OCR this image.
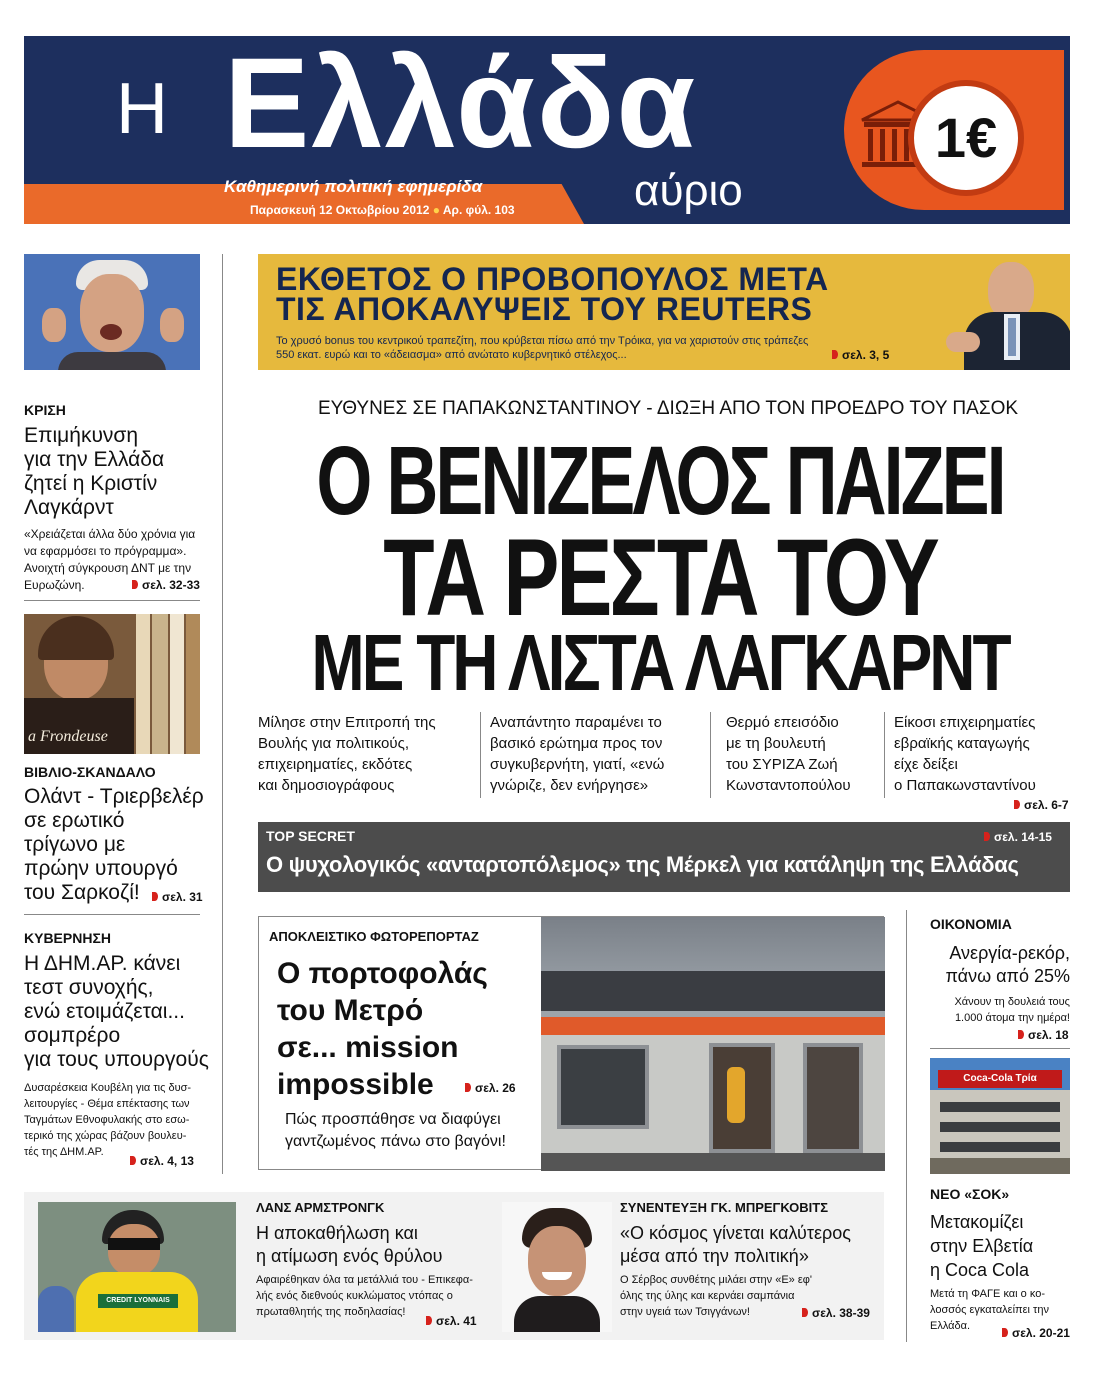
1€
Η Ελλάδα
αύριο
Καθημερινή πολιτική εφημερίδα
Παρασκευή 12 Οκτωβρίου 2012 ● Αρ. φύλ. 103
ΕΚΘΕΤΟΣ Ο ΠΡΟΒΟΠΟΥΛΟΣ ΜΕΤΑ
ΤΙΣ ΑΠΟΚΑΛΥΨΕΙΣ ΤΟΥ REUTERS
Το χρυσό bonus του κεντρικού τραπεζίτη, που κρύβεται πίσω από την Τρόικα, για να χαριστούν στις τράπεζες
550 εκατ. ευρώ και το «άδειασμα» από ανώτατο κυβερνητικό στέλεχος...	σελ. 3, 5
ΚΡΙΣΗ
Επιμήκυνση
για την Ελλάδα
ζητεί η Κριστίν
Λαγκάρντ
«Χρειάζεται άλλα δύο χρόνια για
να εφαρμόσει το πρόγραμμα».
Ανοιχτή σύγκρουση ΔΝΤ με την
Ευρωζώνη.	σελ. 32-33
a Frondeuse
ΒΙΒΛΙΟ-ΣΚΑΝΔΑΛΟ
Ολάντ - Τριερβελέρ
σε ερωτικό
τρίγωνο με
πρώην υπουργό
του Σαρκοζί!	σελ. 31
ΚΥΒΕΡΝΗΣΗ
Η ΔΗΜ.ΑΡ. κάνει
τεστ συνοχής,
ενώ ετοιμάζεται...
σομπρέρο
για τους υπουργούς
Δυσαρέσκεια Κουβέλη για τις δυσ-
λειτουργίες - Θέμα επέκτασης των
Ταγμάτων Εθνοφυλακής στο εσω-
τερικό της χώρας βάζουν βουλευ-
τές της ΔΗΜ.ΑΡ.
σελ. 4, 13
ΕΥΘΥΝΕΣ ΣΕ ΠΑΠΑΚΩΝΣΤΑΝΤΙΝΟΥ - ΔΙΩΞΗ ΑΠΟ ΤΟΝ ΠΡΟΕΔΡΟ ΤΟΥ ΠΑΣΟΚ
Ο ΒΕΝΙΖΕΛΟΣ ΠΑΙΖΕΙ
ΤΑ ΡΕΣΤΑ ΤΟΥ
ΜΕ ΤΗ ΛΙΣΤΑ ΛΑΓΚΑΡΝΤ
Μίλησε στην Επιτροπή της
Βουλής για πολιτικούς,
επιχειρηματίες, εκδότες
και δημοσιογράφους
Αναπάντητο παραμένει το
βασικό ερώτημα προς τον
συγκυβερνήτη, γιατί, «ενώ
γνώριζε, δεν ενήργησε»
Θερμό επεισόδιο
με τη βουλευτή
του ΣΥΡΙΖΑ Ζωή
Κωνσταντοπούλου
Είκοσι επιχειρηματίες
εβραϊκής καταγωγής
είχε δείξει
ο Παπακωνσταντίνου
σελ. 6-7
TOP SECRET	σελ. 14-15
Ο ψυχολογικός «ανταρτοπόλεμος» της Μέρκελ για κατάληψη της Ελλάδας
ΑΠΟΚΛΕΙΣΤΙΚΟ ΦΩΤΟΡΕΠΟΡΤΑΖ
Ο πορτοφολάς
του Μετρό
σε... mission
impossible	σελ. 26
Πώς προσπάθησε να διαφύγει
γαντζωμένος πάνω στο βαγόνι!
ΟΙΚΟΝΟΜΙΑ
Ανεργία-ρεκόρ,
πάνω από 25%
Χάνουν τη δουλειά τους
1.000 άτομα την ημέρα!
σελ. 18
Coca-Cola Τρία
ΝΕΟ «ΣΟΚ»
Μετακομίζει
στην Ελβετία
η Coca Cola
Μετά τη ΦΑΓΕ και ο κο-
λοσσός εγκαταλείπει την
Ελλάδα.	σελ. 20-21
CREDIT LYONNAIS
ΛΑΝΣ ΑΡΜΣΤΡΟΝΓΚ
Η αποκαθήλωση και
η ατίμωση ενός θρύλου
Αφαιρέθηκαν όλα τα μετάλλιά του - Επικεφα-
λής ενός διεθνούς κυκλώματος ντόπας ο
πρωταθλητής της ποδηλασίας!
σελ. 41
ΣΥΝΕΝΤΕΥΞΗ ΓΚ. ΜΠΡΕΓΚΟΒΙΤΣ
«Ο κόσμος γίνεται καλύτερος
μέσα από την πολιτική»
Ο Σέρβος συνθέτης μιλάει στην «Ε» εφ'
όλης της ύλης και κερνάει σαμπάνια
στην υγειά των Τσιγγάνων!	σελ. 38-39
